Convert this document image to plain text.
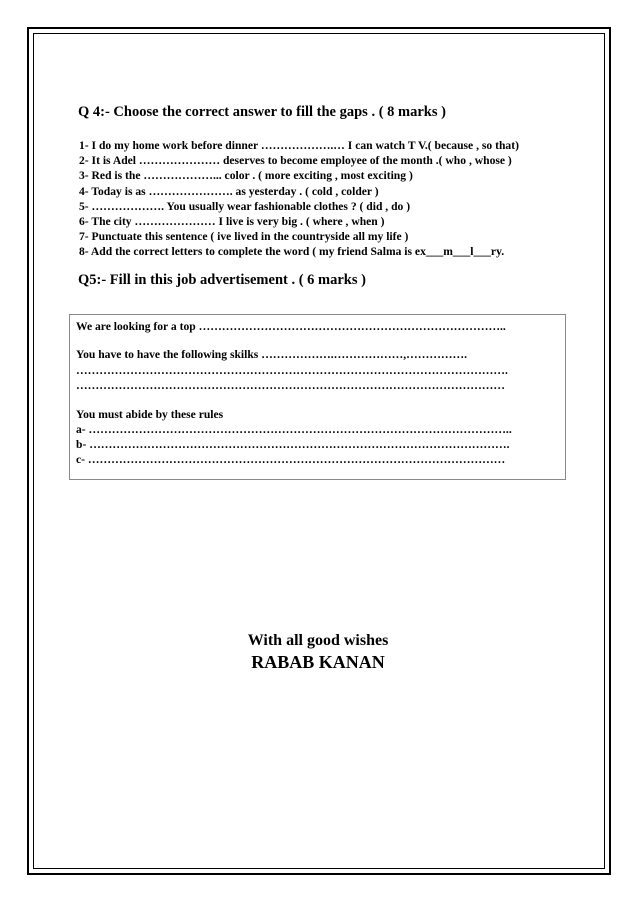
Q 4:- Choose the correct answer to fill the gaps . ( 8 marks )
1- I do my home work before dinner ……………….… I can watch T V.( because , so that)
2- It is Adel ………………… deserves to become employee of the month .( who , whose )
3- Red is the ………………... color . ( more exciting , most exciting )
4- Today is as …………………. as yesterday . ( cold , colder )
5- ………………. You usually wear fashionable clothes ? ( did , do )
6- The city ………………… I live is very big . ( where , when )
7- Punctuate this sentence ( ive lived in the countryside all my life )
8- Add the correct letters to complete the word ( my friend Salma is ex___m___l___ry.
Q5:- Fill in this job advertisement . ( 6 marks )
We are looking for a top ……………………………………………………………………..
You have to have the following skilks ……………….………………,…………….
………………………………………………………………………………………………….
…………………………………………………………………………………………………
You must abide by these rules
a- ………………………………………………………………………………………………..
b- ……………………………………………………………………………………………….
c- ………………………………………………………………………………………………
With all good wishes
RABAB KANAN
